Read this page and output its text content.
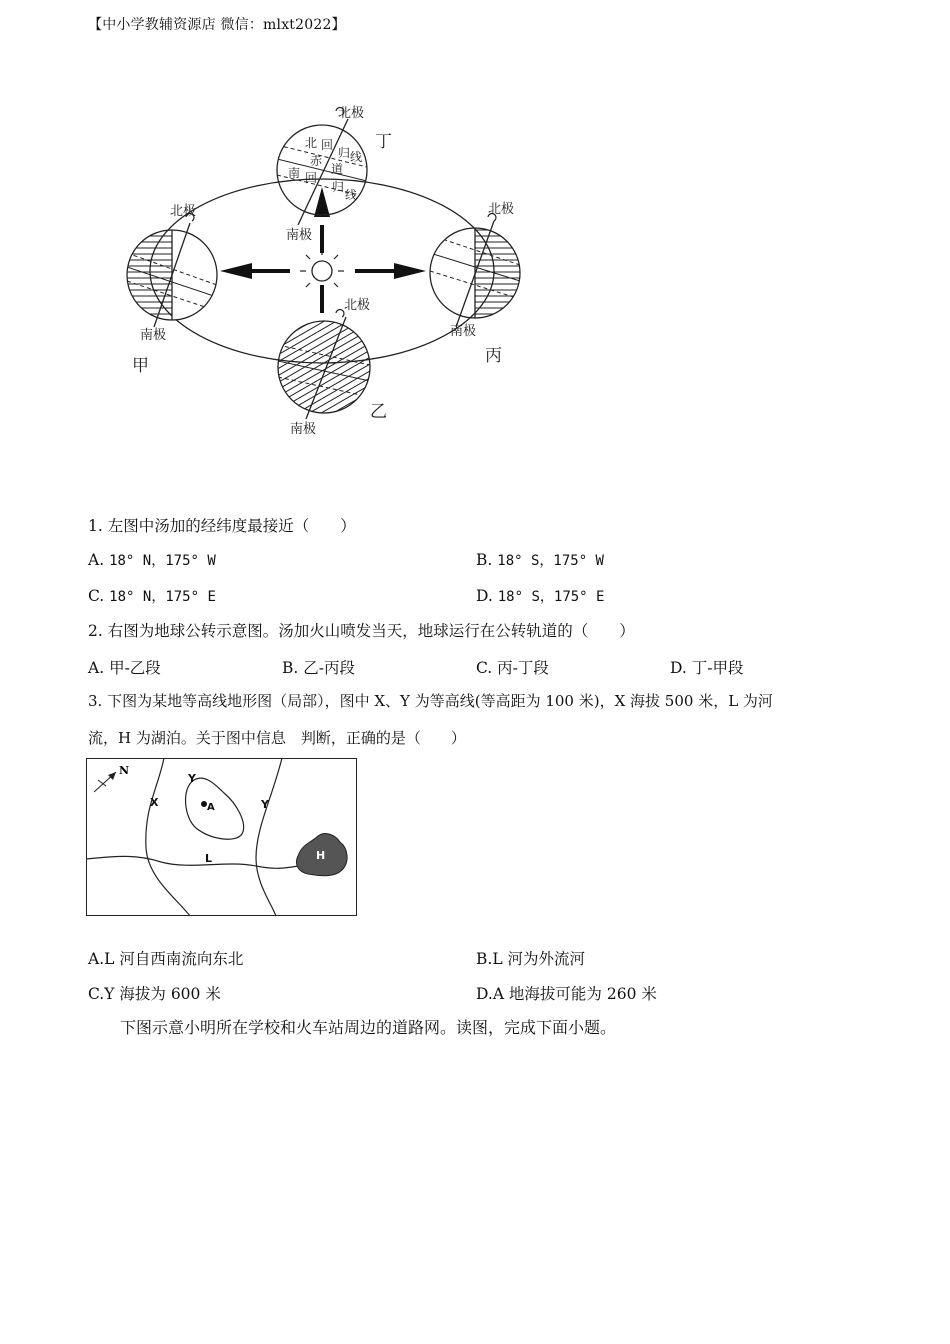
【中小学教辅资源店 微信：mlxt2022】
北 回
归 线
赤
道
南 回
归
线
北极
南极
北极
南极
北极
南极
北极
南极
丁
甲	丙
乙
1. 左图中汤加的经纬度最接近（　　）
A. 18° N，175° W	B. 18° S，175° W
C. 18° N，175° E	D. 18° S，175° E
2. 右图为地球公转示意图。汤加火山喷发当天，地球运行在公转轨道的（　　）
A. 甲-乙段	B. 乙-丙段	C. 丙-丁段	D. 丁-甲段
3. 下图为某地等高线地形图（局部），图中 X、Y 为等高线(等高距为 100 米)，X 海拔 500 米，L 为河
流，H 为湖泊。关于图中信息　判断，正确的是（　　）
N
Y
X	Y
A
L	H
A.L 河自西南流向东北	B.L 河为外流河
C.Y 海拔为 600 米	D.A 地海拔可能为 260 米
下图示意小明所在学校和火车站周边的道路网。读图，完成下面小题。
